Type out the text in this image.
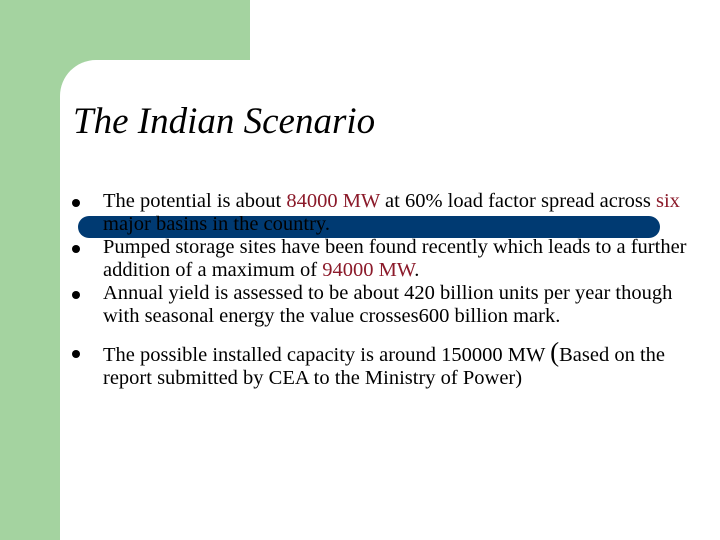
The Indian Scenario
The potential is about 84000 MW at 60% load factor spread across six major basins in the country.
Pumped storage sites have been found recently which leads to a further addition of a maximum of 94000 MW.
Annual yield is assessed to be about 420 billion units per year though with seasonal energy the value crosses600 billion mark.
The possible installed capacity is around 150000 MW (Based on the report submitted by CEA to the Ministry of Power)
